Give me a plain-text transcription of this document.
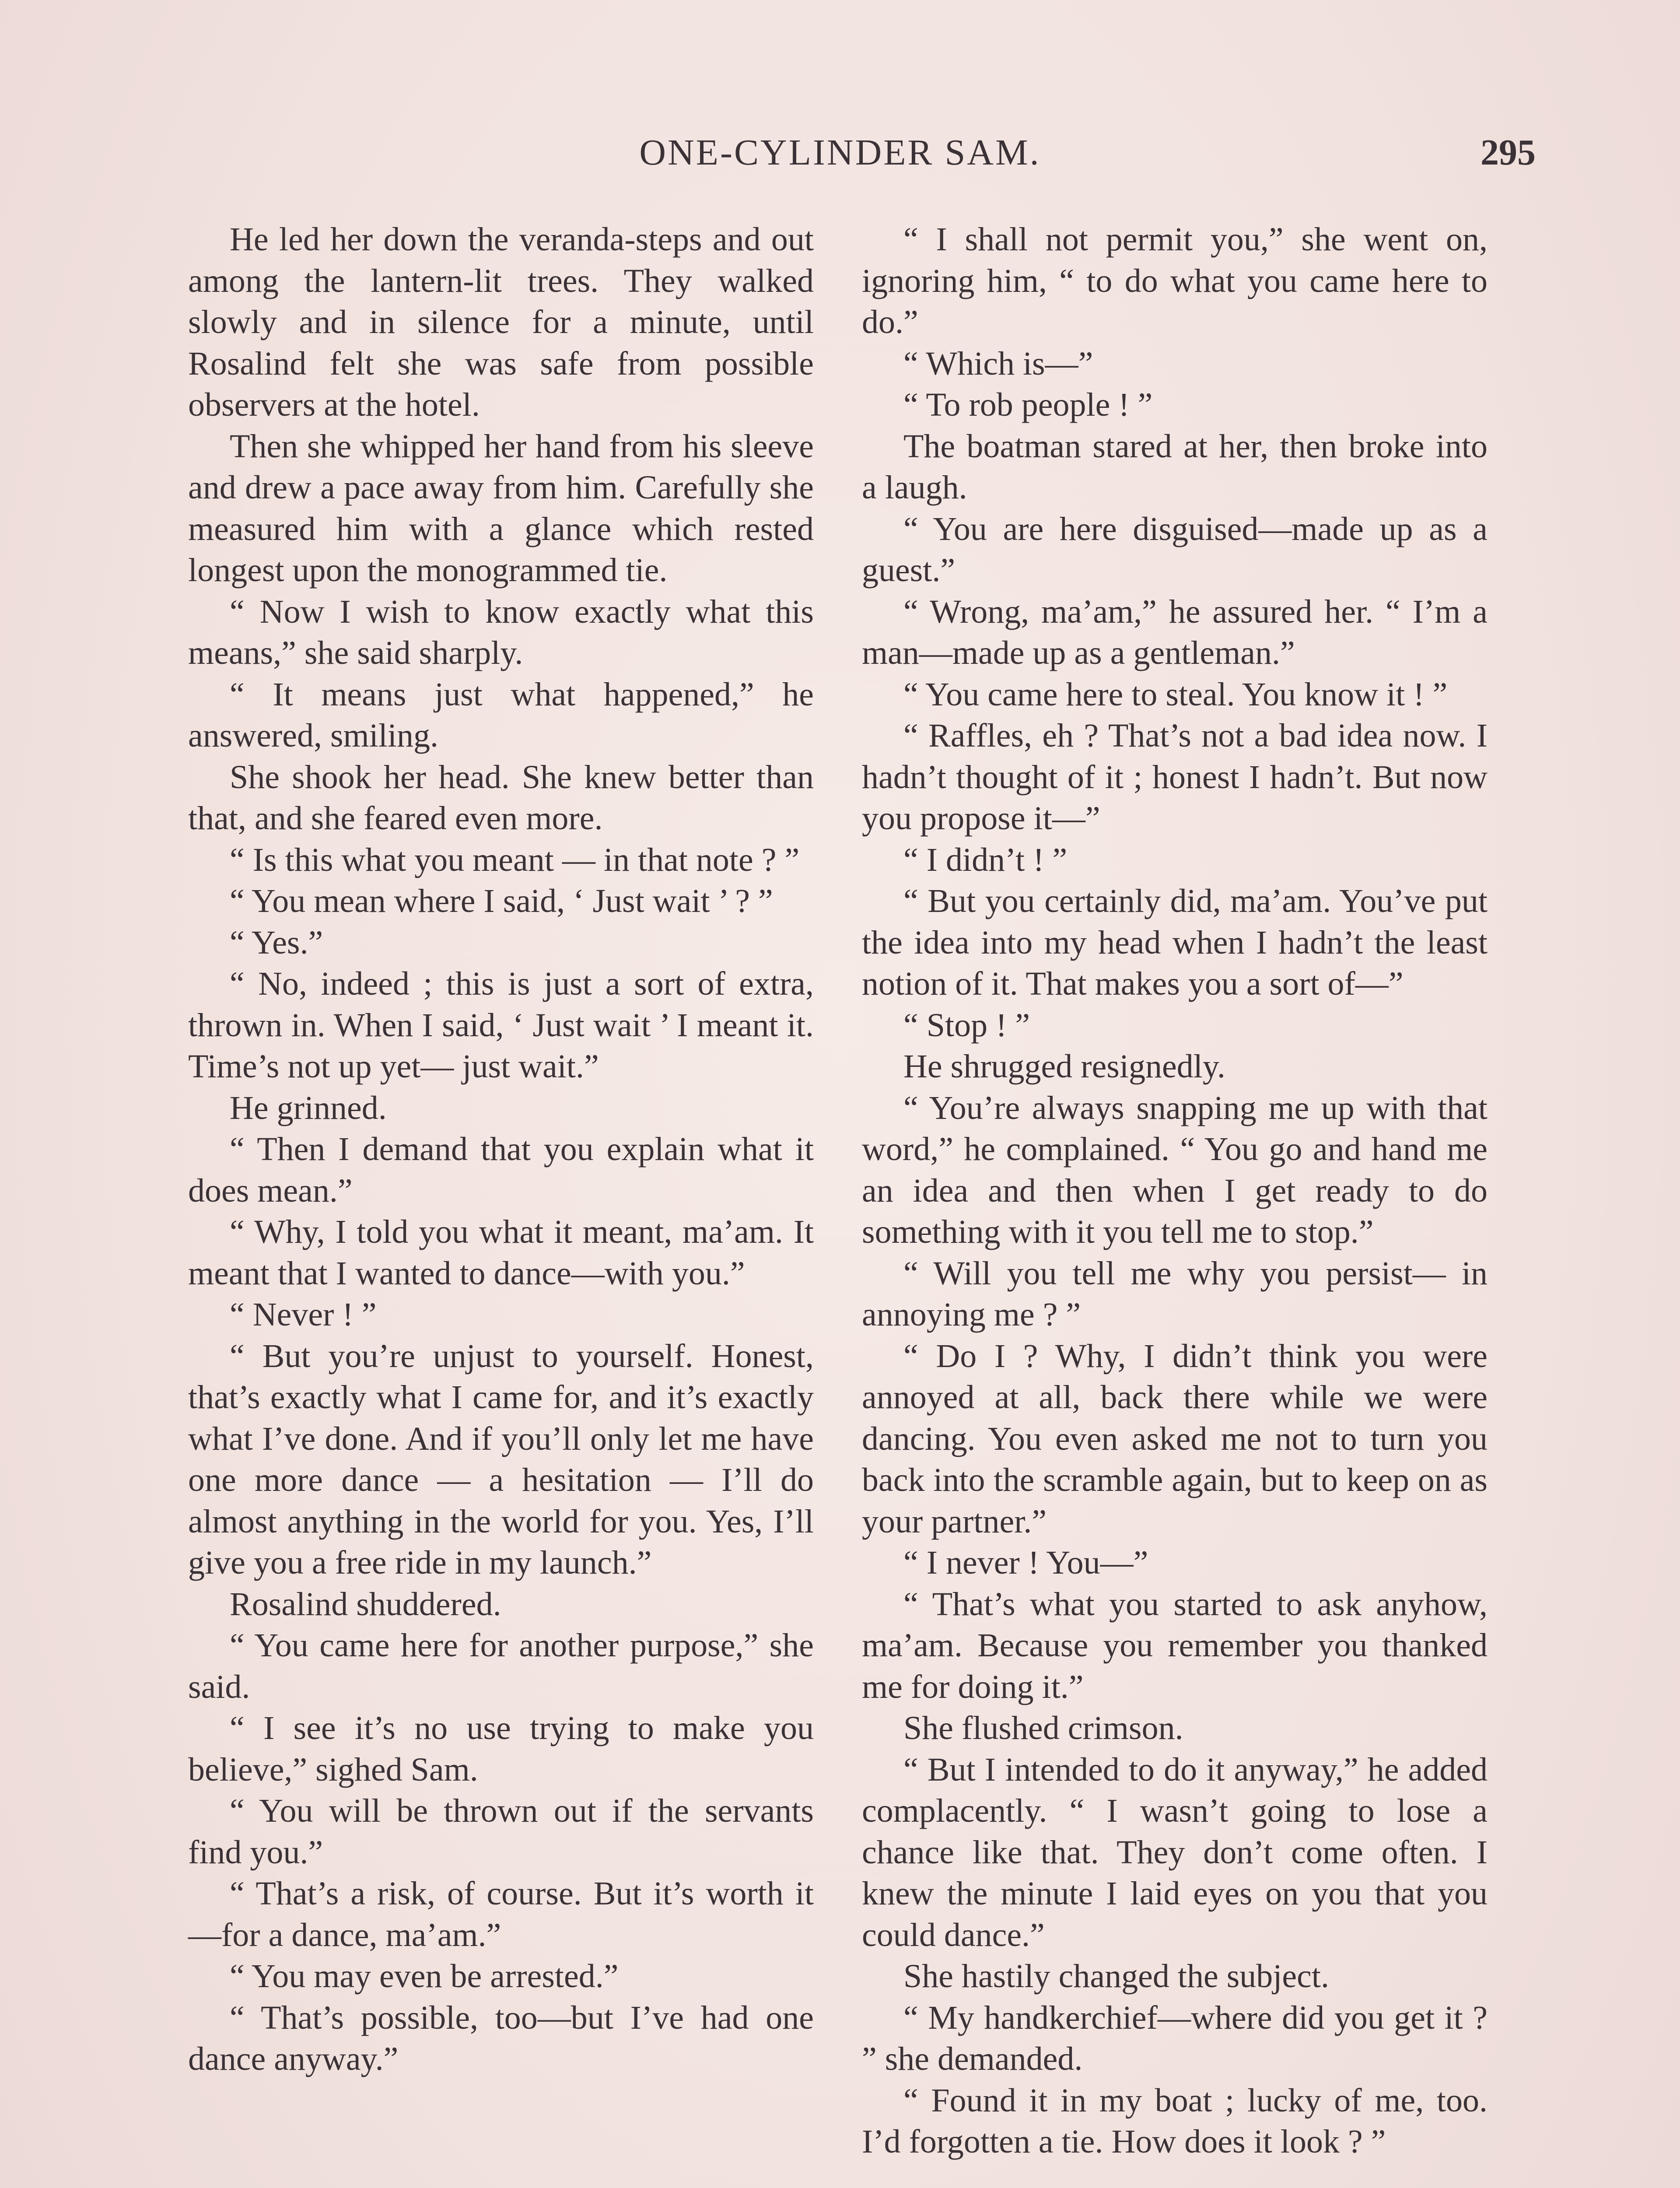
ONE-CYLINDER SAM.	295

He led her down the veranda-steps and out among the lantern-lit trees. They walked slowly and in silence for a minute, until Rosalind felt she was safe from possible observers at the hotel.

Then she whipped her hand from his sleeve and drew a pace away from him. Carefully she measured him with a glance which rested longest upon the monogrammed tie.

“ Now I wish to know exactly what this means,” she said sharply.

“ It means just what happened,” he answered, smiling.

She shook her head. She knew better than that, and she feared even more.

“ Is this what you meant — in that note ? ”

“ You mean where I said, ‘ Just wait ’ ? ”

“ Yes.”

“ No, indeed ; this is just a sort of extra, thrown in. When I said, ‘ Just wait ’ I meant it. Time’s not up yet— just wait.”

He grinned.

“ Then I demand that you explain what it does mean.”

“ Why, I told you what it meant, ma’am. It meant that I wanted to dance—with you.”

“ Never ! ”

“ But you’re unjust to yourself. Honest, that’s exactly what I came for, and it’s exactly what I’ve done. And if you’ll only let me have one more dance — a hesitation — I’ll do almost anything in the world for you. Yes, I’ll give you a free ride in my launch.”

Rosalind shuddered.

“ You came here for another purpose,” she said.

“ I see it’s no use trying to make you believe,” sighed Sam.

“ You will be thrown out if the servants find you.”

“ That’s a risk, of course. But it’s worth it—for a dance, ma’am.”

“ You may even be arrested.”

“ That’s possible, too—but I’ve had one dance anyway.”

“ I shall not permit you,” she went on, ignoring him, “ to do what you came here to do.”

“ Which is—”

“ To rob people ! ”

The boatman stared at her, then broke into a laugh.

“ You are here disguised—made up as a guest.”

“ Wrong, ma’am,” he assured her. “ I’m a man—made up as a gentleman.”

“ You came here to steal. You know it ! ”

“ Raffles, eh ? That’s not a bad idea now. I hadn’t thought of it ; honest I hadn’t. But now you propose it—”

“ I didn’t ! ”

“ But you certainly did, ma’am. You’ve put the idea into my head when I hadn’t the least notion of it. That makes you a sort of—”

“ Stop ! ”

He shrugged resignedly.

“ You’re always snapping me up with that word,” he complained. “ You go and hand me an idea and then when I get ready to do something with it you tell me to stop.”

“ Will you tell me why you persist— in annoying me ? ”

“ Do I ? Why, I didn’t think you were annoyed at all, back there while we were dancing. You even asked me not to turn you back into the scramble again, but to keep on as your partner.”

“ I never ! You—”

“ That’s what you started to ask anyhow, ma’am. Because you remember you thanked me for doing it.”

She flushed crimson.

“ But I intended to do it anyway,” he added complacently. “ I wasn’t going to lose a chance like that. They don’t come often. I knew the minute I laid eyes on you that you could dance.”

She hastily changed the subject.

“ My handkerchief—where did you get it ? ” she demanded.

“ Found it in my boat ; lucky of me, too. I’d forgotten a tie. How does it look ? ”
